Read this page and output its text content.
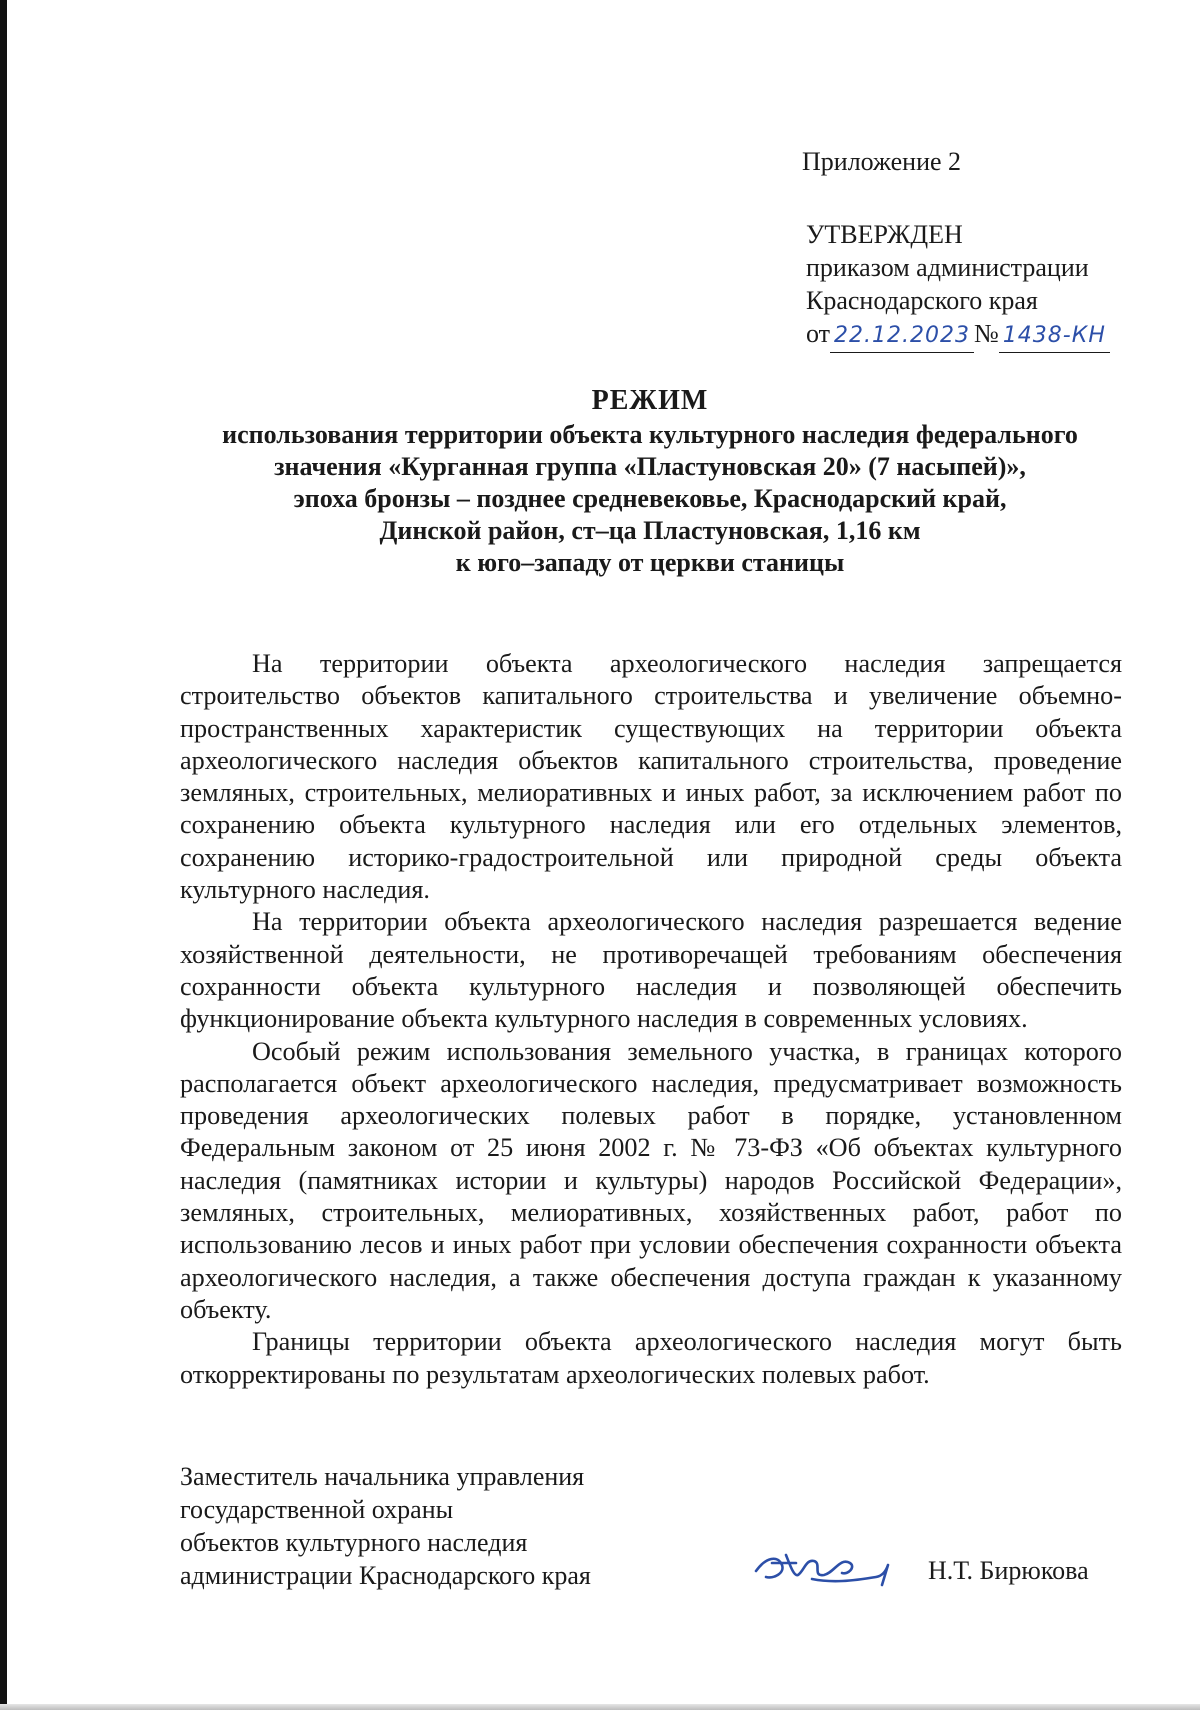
Приложение 2
УТВЕРЖДЕН
приказом администрации
Краснодарского края
от 22.12.2023 № 1438-КН
РЕЖИМ
использования территории объекта культурного наследия федерального
значения «Курганная группа «Пластуновская 20» (7 насыпей)»,
эпоха бронзы – позднее средневековье, Краснодарский край,
Динской район, ст–ца Пластуновская, 1,16 км
к юго–западу от церкви станицы

На территории объекта археологического наследия запрещается строительство объектов капитального строительства и увеличение объемно-пространственных характеристик существующих на территории объекта археологического наследия объектов капитального строительства, проведение земляных, строительных, мелиоративных и иных работ, за исключением работ по сохранению объекта культурного наследия или его отдельных элементов, сохранению историко-градостроительной или природной среды объекта культурного наследия.

На территории объекта археологического наследия разрешается ведение хозяйственной деятельности, не противоречащей требованиям обеспечения сохранности объекта культурного наследия и позволяющей обеспечить функционирование объекта культурного наследия в современных условиях.

Особый режим использования земельного участка, в границах которого располагается объект археологического наследия, предусматривает возможность проведения археологических полевых работ в порядке, установленном Федеральным законом от 25 июня 2002 г. № 73-ФЗ «Об объектах культурного наследия (памятниках истории и культуры) народов Российской Федерации», земляных, строительных, мелиоративных, хозяйственных работ, работ по использованию лесов и иных работ при условии обеспечения сохранности объекта археологического наследия, а также обеспечения доступа граждан к указанному объекту.

Границы территории объекта археологического наследия могут быть откорректированы по результатам археологических полевых работ.

Заместитель начальника управления
государственной охраны
объектов культурного наследия
администрации Краснодарского края	Н.Т. Бирюкова
